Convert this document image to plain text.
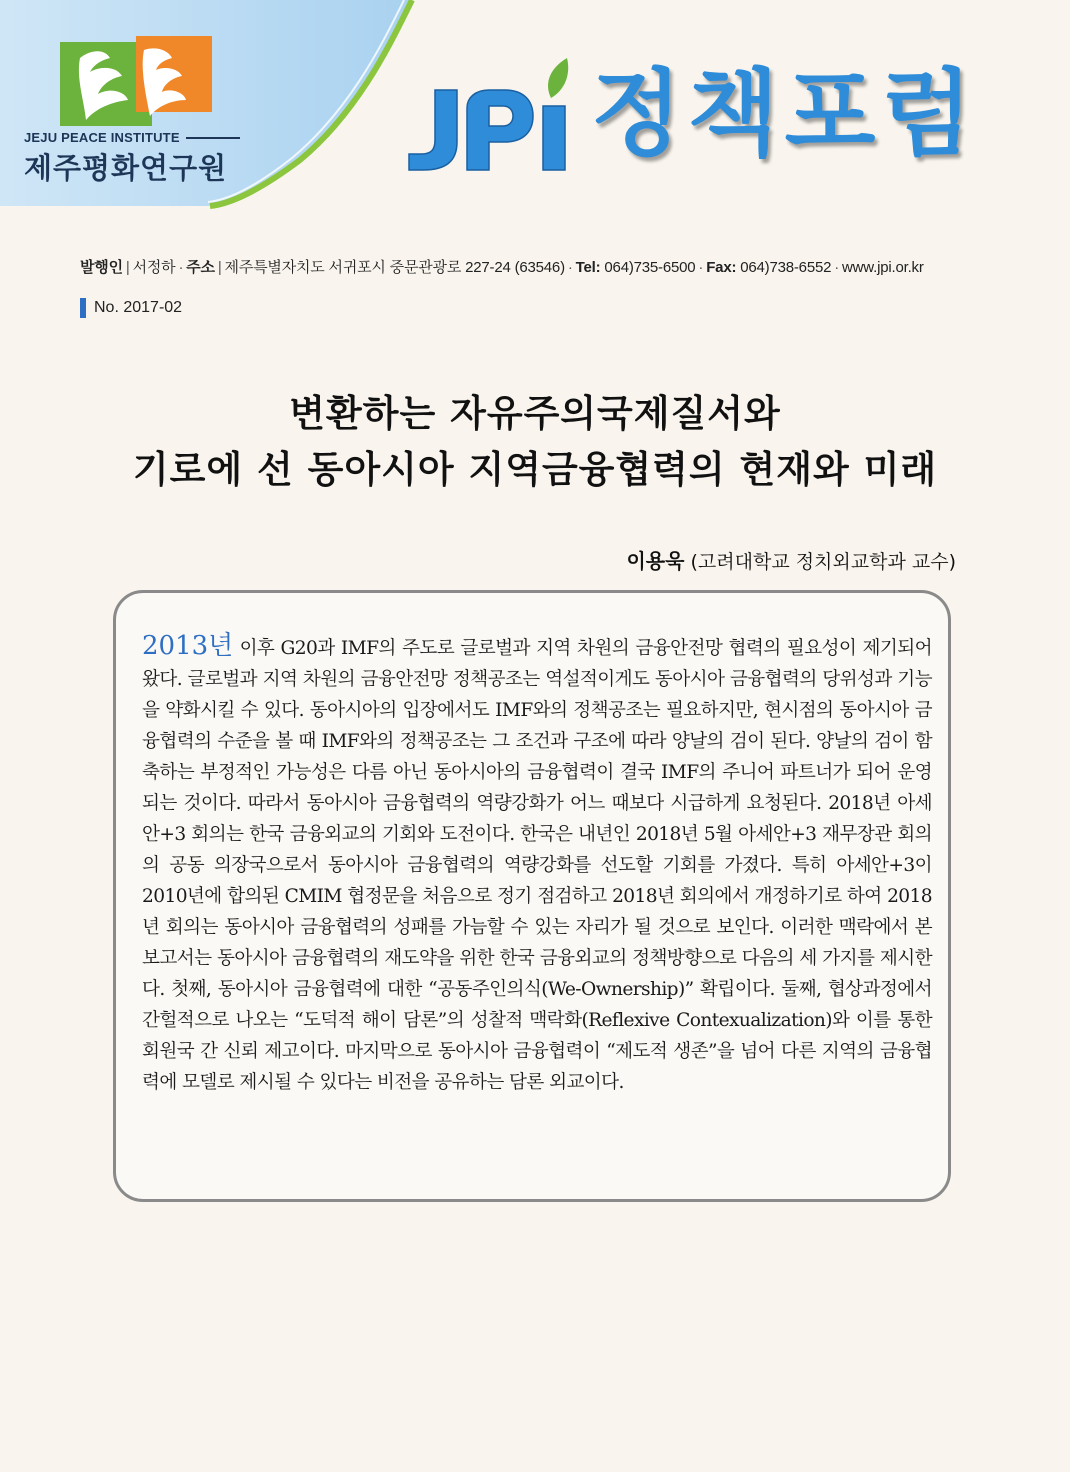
JEJU PEACE INSTITUTE
제주평화연구원	정책포럼
발행인 | 서정하 · 주소 | 제주특별자치도 서귀포시 중문관광로 227-24 (63546) · Tel: 064)735-6500 · Fax: 064)738-6552 · www.jpi.or.kr
No. 2017-02
변환하는 자유주의국제질서와
기로에 선 동아시아 지역금융협력의 현재와 미래
이용욱 (고려대학교 정치외교학과 교수)
2013년 이후 G20과 IMF의 주도로 글로벌과 지역 차원의 금융안전망 협력의 필요성이 제기되어 왔다. 글로벌과 지역 차원의 금융안전망 정책공조는 역설적이게도 동아시아 금융협력의 당위성과 기능을 약화시킬 수 있다. 동아시아의 입장에서도 IMF와의 정책공조는 필요하지만, 현시점의 동아시아 금융협력의 수준을 볼 때 IMF와의 정책공조는 그 조건과 구조에 따라 양날의 검이 된다. 양날의 검이 함축하는 부정적인 가능성은 다름 아닌 동아시아의 금융협력이 결국 IMF의 주니어 파트너가 되어 운영되는 것이다. 따라서 동아시아 금융협력의 역량강화가 어느 때보다 시급하게 요청된다. 2018년 아세안+3 회의는 한국 금융외교의 기회와 도전이다. 한국은 내년인 2018년 5월 아세안+3 재무장관 회의의 공동 의장국으로서 동아시아 금융협력의 역량강화를 선도할 기회를 가졌다. 특히 아세안+3이 2010년에 합의된 CMIM 협정문을 처음으로 정기 점검하고 2018년 회의에서 개정하기로 하여 2018년 회의는 동아시아 금융협력의 성패를 가늠할 수 있는 자리가 될 것으로 보인다. 이러한 맥락에서 본 보고서는 동아시아 금융협력의 재도약을 위한 한국 금융외교의 정책방향으로 다음의 세 가지를 제시한다. 첫째, 동아시아 금융협력에 대한 “공동주인의식(We-Ownership)” 확립이다. 둘째, 협상과정에서 간헐적으로 나오는 “도덕적 해이 담론”의 성찰적 맥락화(Reflexive Contexualization)와 이를 통한 회원국 간 신뢰 제고이다. 마지막으로 동아시아 금융협력이 “제도적 생존”을 넘어 다른 지역의 금융협력에 모델로 제시될 수 있다는 비전을 공유하는 담론 외교이다.
